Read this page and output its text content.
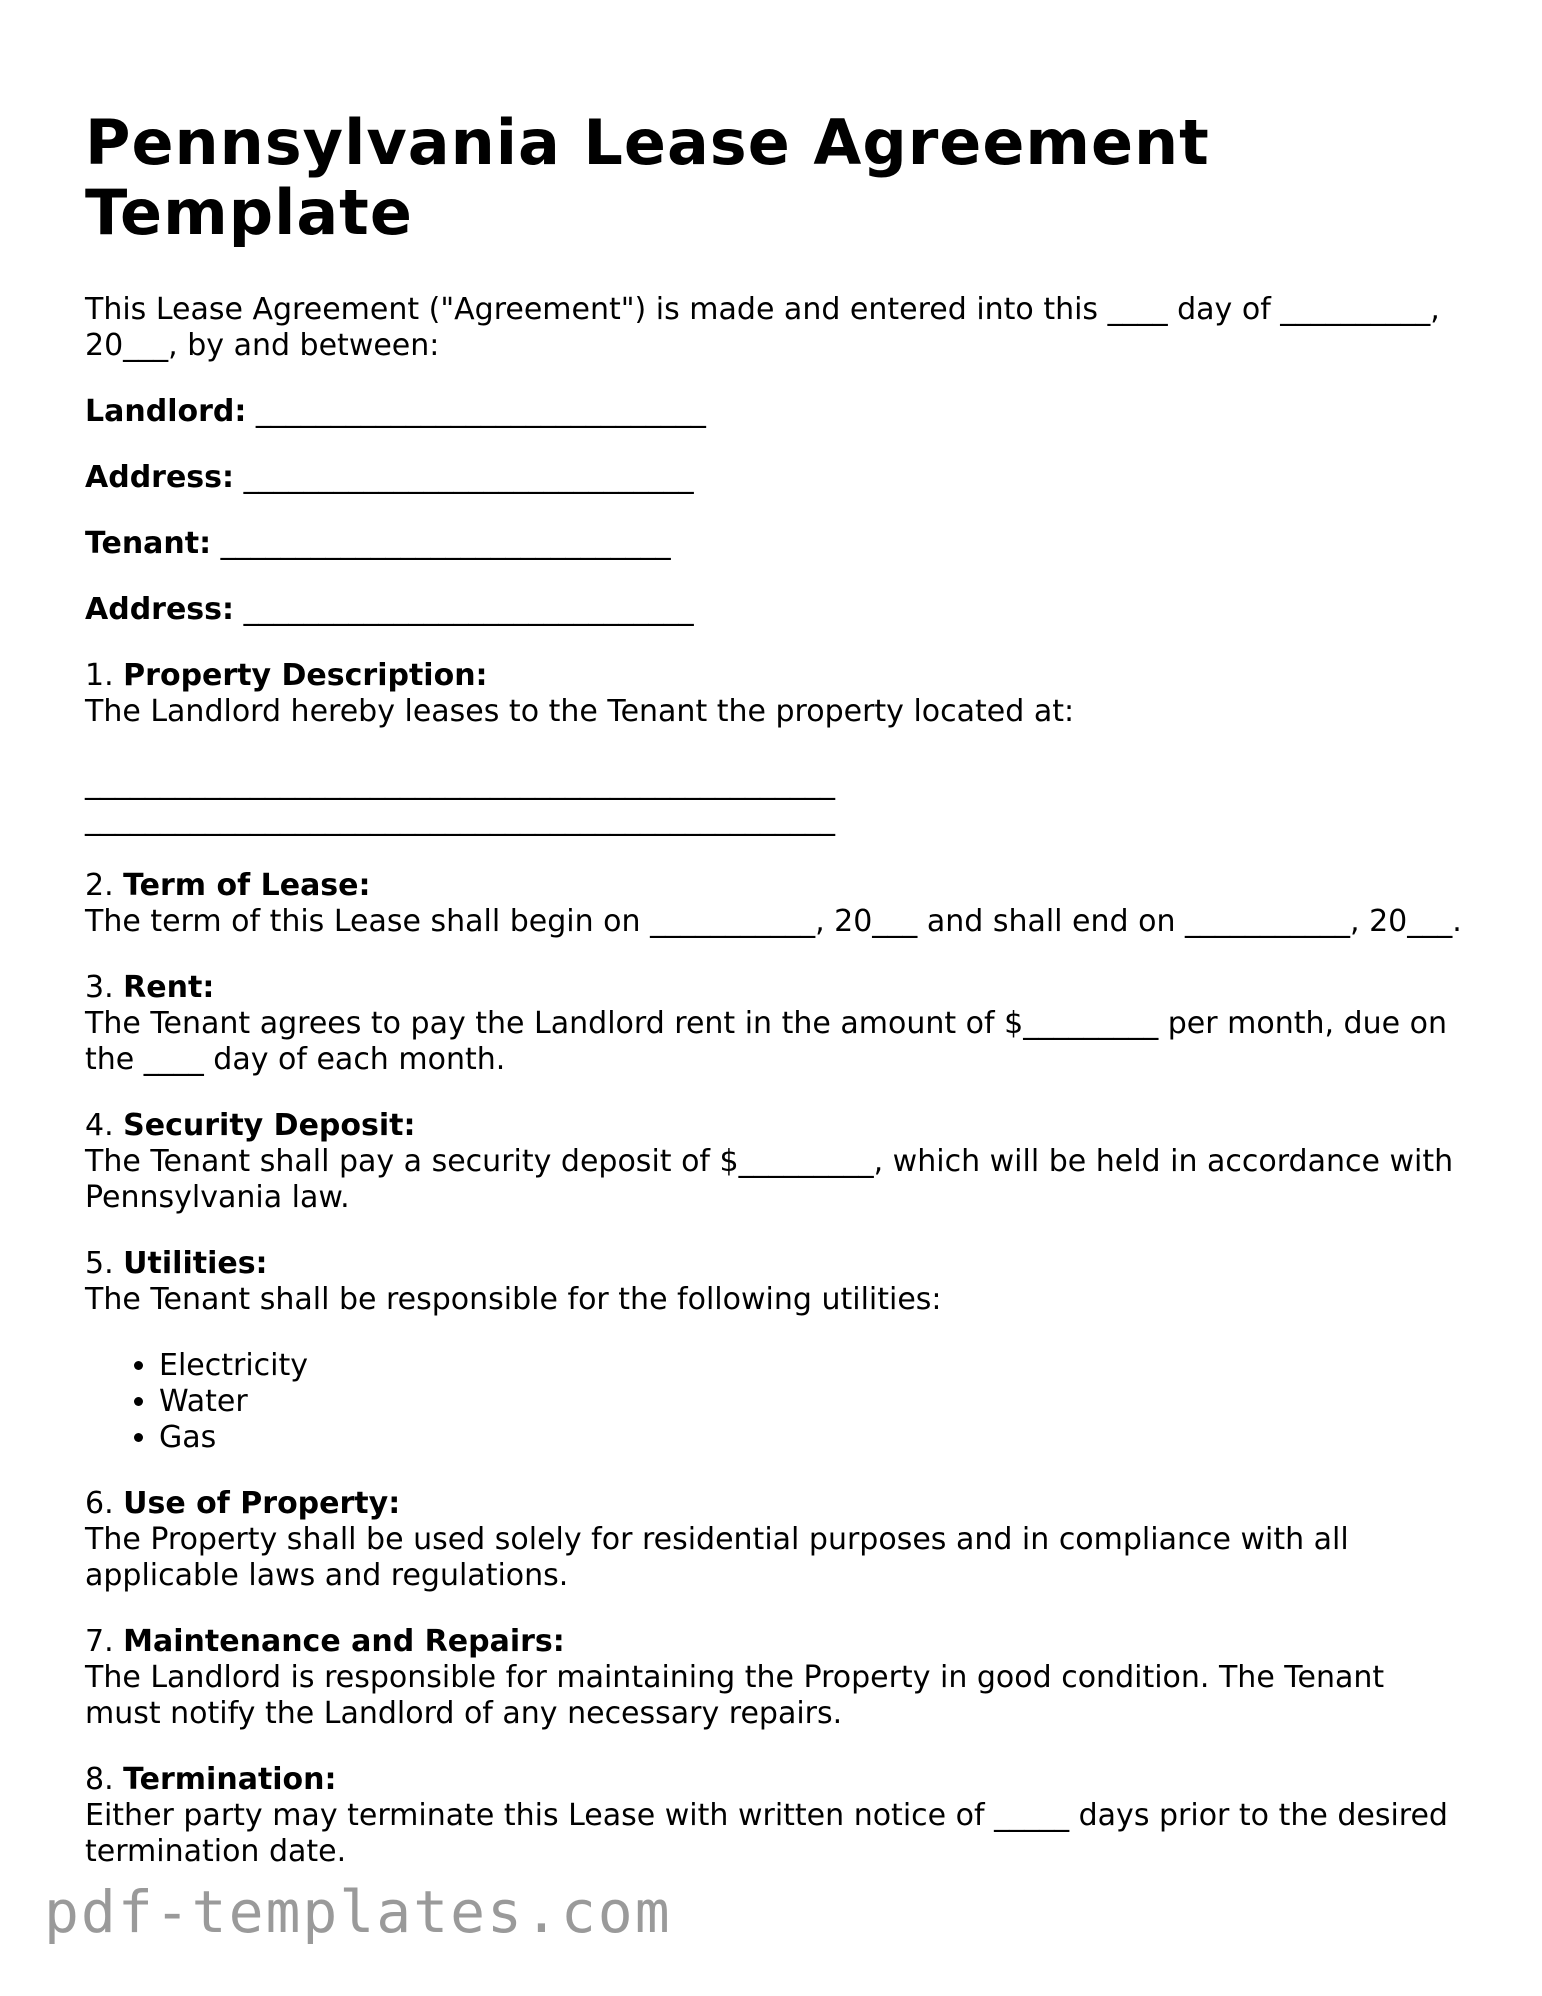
Pennsylvania Lease Agreement Template
This Lease Agreement ("Agreement") is made and entered into this ____ day of __________, 20___, by and between:
Landlord: ______________________________
Address: ______________________________
Tenant: ______________________________
Address: ______________________________
1. Property Description:
The Landlord hereby leases to the Tenant the property located at:
__________________________________________________
__________________________________________________
2. Term of Lease:
The term of this Lease shall begin on ___________, 20___ and shall end on ___________, 20___.
3. Rent:
The Tenant agrees to pay the Landlord rent in the amount of $_________ per month, due on the ____ day of each month.
4. Security Deposit:
The Tenant shall pay a security deposit of $_________, which will be held in accordance with Pennsylvania law.
5. Utilities:
The Tenant shall be responsible for the following utilities:
• Electricity
• Water
• Gas
6. Use of Property:
The Property shall be used solely for residential purposes and in compliance with all applicable laws and regulations.
7. Maintenance and Repairs:
The Landlord is responsible for maintaining the Property in good condition. The Tenant must notify the Landlord of any necessary repairs.
8. Termination:
Either party may terminate this Lease with written notice of _____ days prior to the desired termination date.
pdf-templates.com
